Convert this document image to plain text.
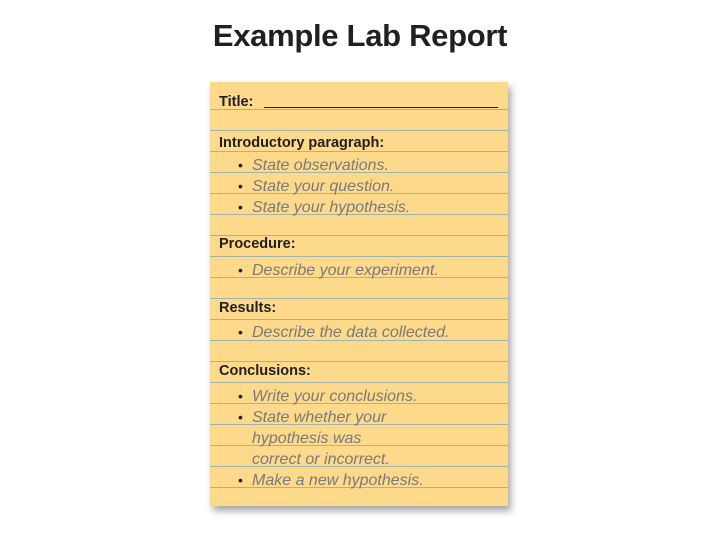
Example Lab Report
Title:
Introductory paragraph:
• State observations.
• State your question.
• State your hypothesis.
Procedure:
• Describe your experiment.
Results:
• Describe the data collected.
Conclusions:
• Write your conclusions.
• State whether your
hypothesis was
correct or incorrect.
• Make a new hypothesis.
